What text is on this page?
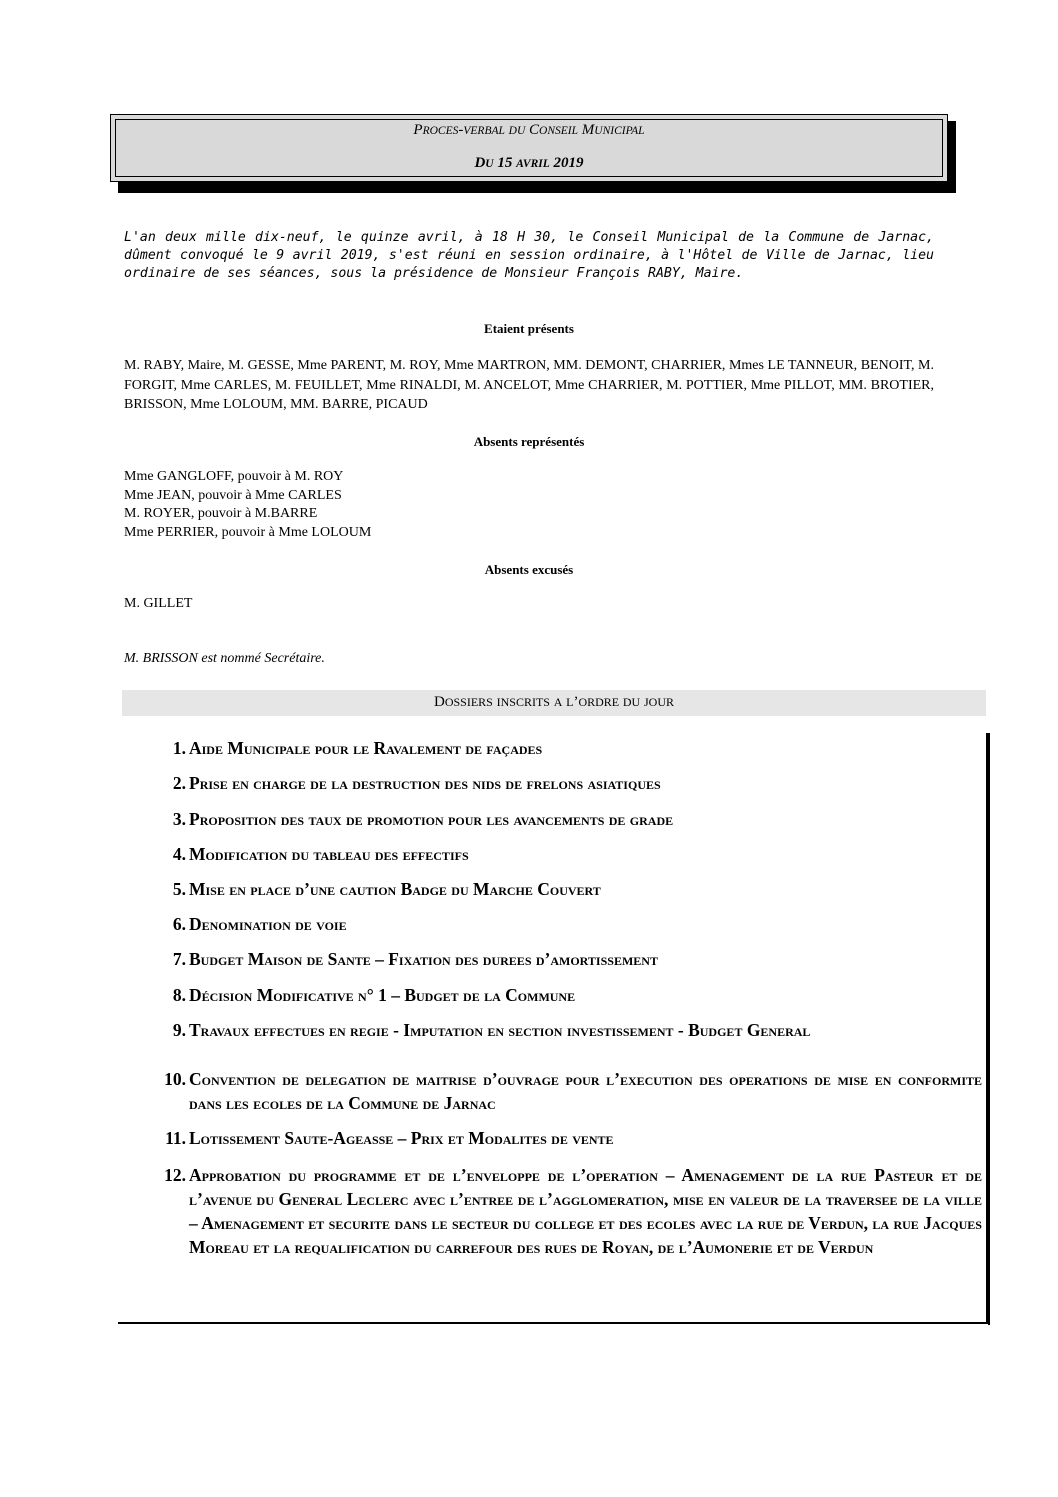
PROCES-VERBAL DU CONSEIL MUNICIPAL
DU 15 AVRIL 2019
L'an deux mille dix-neuf, le quinze avril, à 18 H 30, le Conseil Municipal de la Commune de Jarnac, dûment convoqué le 9 avril 2019, s'est réuni en session ordinaire, à l'Hôtel de Ville de Jarnac, lieu ordinaire de ses séances, sous la présidence de Monsieur François RABY, Maire.
Etaient présents
M. RABY, Maire, M. GESSE, Mme PARENT, M. ROY, Mme MARTRON, MM. DEMONT, CHARRIER, Mmes LE TANNEUR, BENOIT, M. FORGIT, Mme CARLES, M. FEUILLET, Mme RINALDI, M. ANCELOT, Mme CHARRIER, M. POTTIER, Mme PILLOT, MM. BROTIER, BRISSON, Mme LOLOUM, MM. BARRE, PICAUD
Absents représentés
Mme GANGLOFF, pouvoir à M. ROY
Mme JEAN, pouvoir à Mme CARLES
M. ROYER, pouvoir à M.BARRE
Mme PERRIER, pouvoir à Mme LOLOUM
Absents excusés
M. GILLET
M. BRISSON est nommé Secrétaire.
DOSSIERS INSCRITS A L’ORDRE DU JOUR
1. Aide Municipale pour le Ravalement de façades
2. Prise en charge de la destruction des nids de frelons asiatiques
3. Proposition des taux de promotion pour les avancements de grade
4. Modification du tableau des effectifs
5. Mise en place d’une caution Badge du Marche Couvert
6. Denomination de voie
7. Budget Maison de Sante – Fixation des durees d’amortissement
8. Décision Modificative n° 1 – Budget de la Commune
9. Travaux effectues en regie - Imputation en section investissement - Budget General
10. Convention de delegation de maitrise d’ouvrage pour l’execution des operations de mise en conformite dans les ecoles de la Commune de Jarnac
11. Lotissement Saute-Ageasse – Prix et Modalites de vente
12. Approbation du programme et de l’enveloppe de l’operation – Amenagement de la rue Pasteur et de l’avenue du General Leclerc avec l’entree de l’agglomeration, mise en valeur de la traversee de la ville – Amenagement et securite dans le secteur du college et des ecoles avec la rue de Verdun, la rue Jacques Moreau et la requalification du carrefour des rues de Royan, de l’Aumonerie et de Verdun
